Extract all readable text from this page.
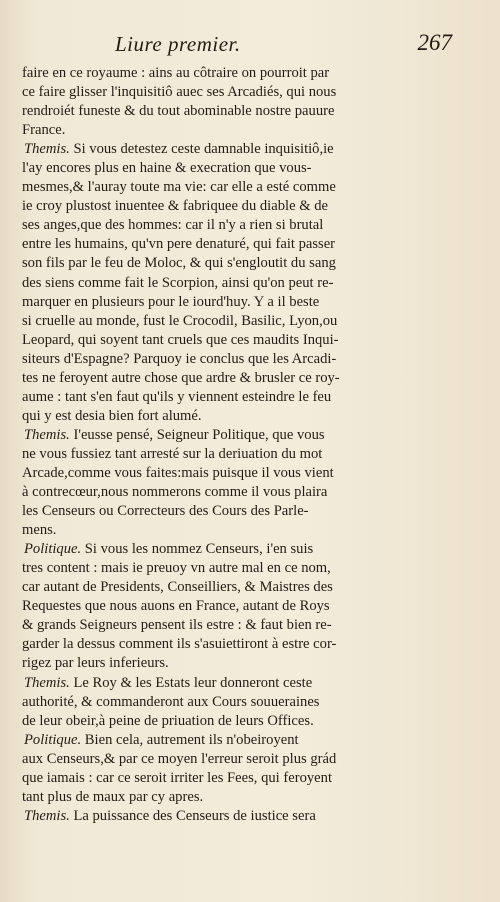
Liure premier.	267
faire en ce royaume : ains au côtraire on pourroit par
ce faire glisser l'inquisitiô auec ses Arcadiés, qui nous
rendroiét funeste & du tout abominable nostre pauure
France.
Themis. Si vous detestez ceste damnable inquisitiô,ie
l'ay encores plus en haine & execration que vous-
mesmes,& l'auray toute ma vie: car elle a esté comme
ie croy plustost inuentee & fabriquee du diable & de
ses anges,que des hommes: car il n'y a rien si brutal
entre les humains, qu'vn pere denaturé, qui fait passer
son fils par le feu de Moloc, & qui s'engloutit du sang
des siens comme fait le Scorpion, ainsi qu'on peut re-
marquer en plusieurs pour le iourd'huy. Y a il beste
si cruelle au monde, fust le Crocodil, Basilic, Lyon,ou
Leopard, qui soyent tant cruels que ces maudits Inqui-
siteurs d'Espagne? Parquoy ie conclus que les Arcadi-
tes ne feroyent autre chose que ardre & brusler ce roy-
aume : tant s'en faut qu'ils y viennent esteindre le feu
qui y est desia bien fort alumé.
Themis. I'eusse pensé, Seigneur Politique, que vous
ne vous fussiez tant arresté sur la deriuation du mot
Arcade,comme vous faites:mais puisque il vous vient
à contrecœur,nous nommerons comme il vous plaira
les Censeurs ou Correcteurs des Cours des Parle-
mens.
Politique. Si vous les nommez Censeurs, i'en suis
tres content : mais ie preuoy vn autre mal en ce nom,
car autant de Presidents, Conseilliers, & Maistres des
Requestes que nous auons en France, autant de Roys
& grands Seigneurs pensent ils estre : & faut bien re-
garder la dessus comment ils s'asuiettiront à estre cor-
rigez par leurs inferieurs.
Themis. Le Roy & les Estats leur donneront ceste
authorité, & commanderont aux Cours souueraines
de leur obeir,à peine de priuation de leurs Offices.
Politique. Bien cela, autrement ils n'obeiroyent
aux Censeurs,& par ce moyen l'erreur seroit plus grád
que iamais : car ce seroit irriter les Fees, qui feroyent
tant plus de maux par cy apres.
Themis. La puissance des Censeurs de iustice sera
